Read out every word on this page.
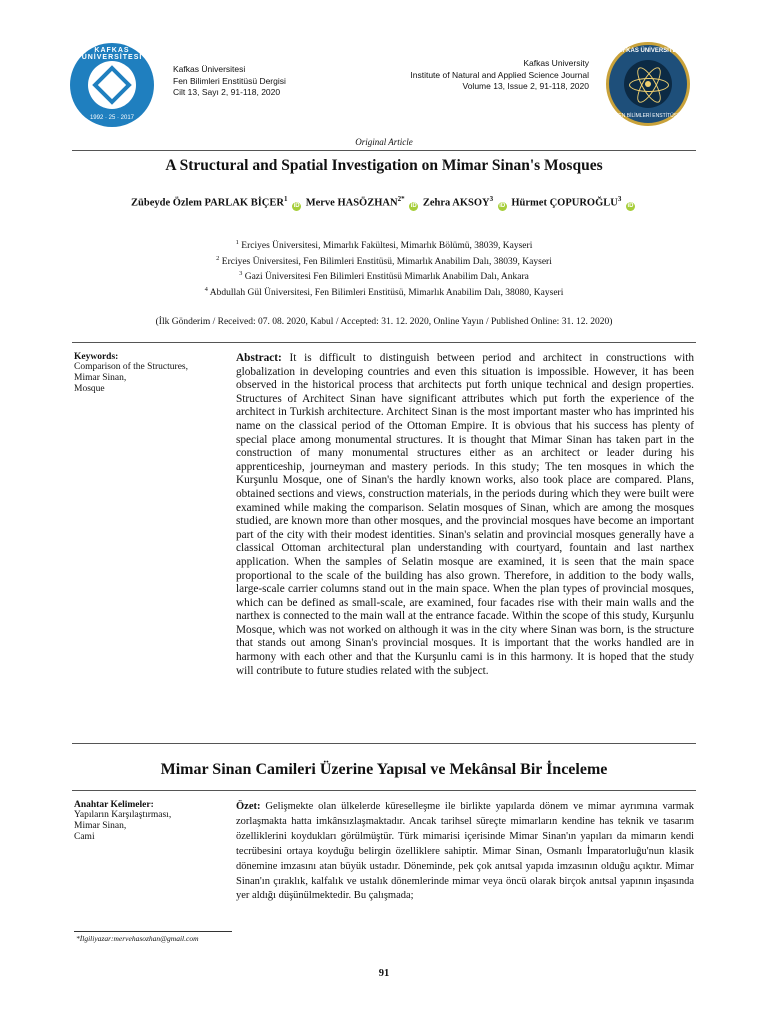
KAFKAS ÜNİVERSİTESİ
1992 · 25 · 2017
Kafkas Üniversitesi
Fen Bilimleri Enstitüsü Dergisi
Cilt 13, Sayı 2, 91-118, 2020
Kafkas University
Institute of Natural and Applied Science Journal
Volume 13, Issue 2, 91-118, 2020
KAFKAS ÜNİVERSİTESİ
FEN BİLİMLERİ ENSTİTÜSÜ
Original Article
A Structural and Spatial Investigation on Mimar Sinan's Mosques
Zübeyde Özlem PARLAK BİÇER$^1$ iD Merve $HASÖZHAN^{2*}$ iD Zehra AKSOY$^3$ iD Hürmet ÇOPUROĞLU$^3$ iD
$^1$ Erciyes Üniversitesi, Mimarlık Fakültesi, Mimarlık Bölümü, 38039, Kayseri
$^2$ Erciyes Üniversitesi, Fen Bilimleri Enstitüsü, Mimarlık Anabilim Dalı, 38039, Kayseri
$^3$ Gazi Üniversitesi Fen Bilimleri Enstitüsü Mimarlık Anabilim Dalı, Ankara
$^4$ Abdullah Gül Üniversitesi, Fen Bilimleri Enstitüsü, Mimarlık Anabilim Dalı, 38080, Kayseri
(İlk Gönderim / Received: 07. 08. 2020, Kabul / Accepted: 31. 12. 2020, Online Yayın / Published Online: 31. 12. 2020)
Keywords:
Comparison of the Structures,
Mimar Sinan,
Mosque
Abstract: It is difficult to distinguish between period and architect in constructions with globalization in developing countries and even this situation is impossible. However, it has been observed in the historical process that architects put forth unique technical and design properties. Structures of Architect Sinan have significant attributes which put forth the experience of the architect in Turkish architecture. Architect Sinan is the most important master who has imprinted his name on the classical period of the Ottoman Empire. It is obvious that his success has plenty of special place among monumental structures. It is thought that Mimar Sinan has taken part in the construction of many monumental structures either as an architect or leader during his apprenticeship, journeyman and mastery periods. In this study; The ten mosques in which the Kurşunlu Mosque, one of Sinan's the hardly known works, also took place are compared. Plans, obtained sections and views, construction materials, in the periods during which they were built were examined while making the comparison. Selatin mosques of Sinan, which are among the mosques studied, are known more than other mosques, and the provincial mosques have become an important part of the city with their modest identities. Sinan's selatin and provincial mosques generally have a classical Ottoman architectural plan understanding with courtyard, fountain and last narthex application. When the samples of Selatin mosque are examined, it is seen that the main space proportional to the scale of the building has also grown. Therefore, in addition to the body walls, large-scale carrier columns stand out in the main space. When the plan types of provincial mosques, which can be defined as small-scale, are examined, four facades rise with their main walls and the narthex is connected to the main wall at the entrance facade. Within the scope of this study, Kurşunlu Mosque, which was not worked on although it was in the city where Sinan was born, is the structure that stands out among Sinan's provincial mosques. It is important that the works handled are in harmony with each other and that the Kurşunlu cami is in this harmony. It is hoped that the study will contribute to future studies related with the subject.
Mimar Sinan Camileri Üzerine Yapısal ve Mekânsal Bir İnceleme
Anahtar Kelimeler:
Yapıların Karşılaştırması,
Mimar Sinan,
Cami
Özet: Gelişmekte olan ülkelerde küreselleşme ile birlikte yapılarda dönem ve mimar ayrımına varmak zorlaşmakta hatta imkânsızlaşmaktadır. Ancak tarihsel süreçte mimarların kendine has teknik ve tasarım özelliklerini koydukları görülmüştür. Türk mimarisi içerisinde Mimar Sinan'ın yapıları da mimarın kendi tecrübesini ortaya koyduğu belirgin özelliklere sahiptir. Mimar Sinan, Osmanlı İmparatorluğu'nun klasik dönemine imzasını atan büyük ustadır. Döneminde, pek çok anıtsal yapıda imzasının olduğu açıktır. Mimar Sinan'ın çıraklık, kalfalık ve ustalık dönemlerinde mimar veya öncü olarak birçok anıtsal yapının inşasında yer aldığı düşünülmektedir. Bu çalışmada;
*İlgiliyazar:mervehasozhan@gmail.com
91
